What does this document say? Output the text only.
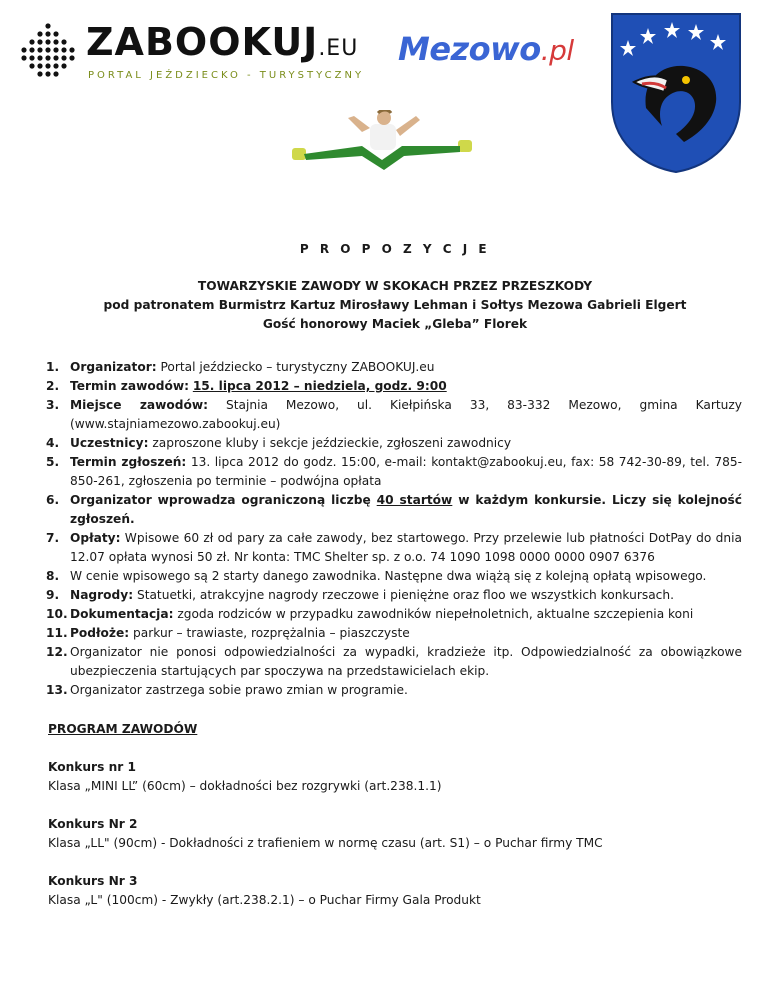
ZABOOKUJ.EU
PORTAL JEŹDZIECKO - TURYSTYCZNY
Mezowo.pl
P R O P O Z Y C J E
TOWARZYSKIE ZAWODY W SKOKACH PRZEZ PRZESZKODY
pod patronatem Burmistrz Kartuz Mirosławy Lehman i Sołtys Mezowa Gabrieli Elgert
Gość honorowy Maciek „Gleba” Florek
1. Organizator: Portal jeździecko – turystyczny ZABOOKUJ.eu
2. Termin zawodów: 15. lipca 2012 – niedziela, godz. 9:00
3. Miejsce zawodów: Stajnia Mezowo, ul. Kiełpińska 33, 83-332 Mezowo, gmina Kartuzy (www.stajniamezowo.zabookuj.eu)
4. Uczestnicy: zaproszone kluby i sekcje jeździeckie, zgłoszeni zawodnicy
5. Termin zgłoszeń: 13. lipca 2012 do godz. 15:00, e-mail: kontakt@zabookuj.eu, fax: 58 742-30-89, tel. 785- 850-261, zgłoszenia po terminie – podwójna opłata
6. Organizator wprowadza ograniczoną liczbę 40 startów w każdym konkursie. Liczy się kolejność zgłoszeń.
7. Opłaty: Wpisowe 60 zł od pary za całe zawody, bez startowego. Przy przelewie lub płatności DotPay do dnia 12.07 opłata wynosi 50 zł. Nr konta: TMC Shelter sp. z o.o. 74 1090 1098 0000 0000 0907 6376
8. W cenie wpisowego są 2 starty danego zawodnika. Następne dwa wiążą się z kolejną opłatą wpisowego.
9. Nagrody: Statuetki, atrakcyjne nagrody rzeczowe i pieniężne oraz floo we wszystkich konkursach.
10. Dokumentacja: zgoda rodziców w przypadku zawodników niepełnoletnich, aktualne szczepienia koni
11. Podłoże: parkur – trawiaste, rozprężalnia – piaszczyste
12. Organizator nie ponosi odpowiedzialności za wypadki, kradzieże itp. Odpowiedzialność za obowiązkowe ubezpieczenia startujących par spoczywa na przedstawicielach ekip.
13. Organizator zastrzega sobie prawo zmian w programie.
PROGRAM ZAWODÓW
Konkurs nr 1
Klasa „MINI LL” (60cm) – dokładności bez rozgrywki (art.238.1.1)
Konkurs Nr 2
Klasa „LL" (90cm) - Dokładności z trafieniem w normę czasu (art. S1) – o Puchar firmy TMC
Konkurs Nr 3
Klasa „L" (100cm) - Zwykły (art.238.2.1) – o Puchar Firmy Gala Produkt
